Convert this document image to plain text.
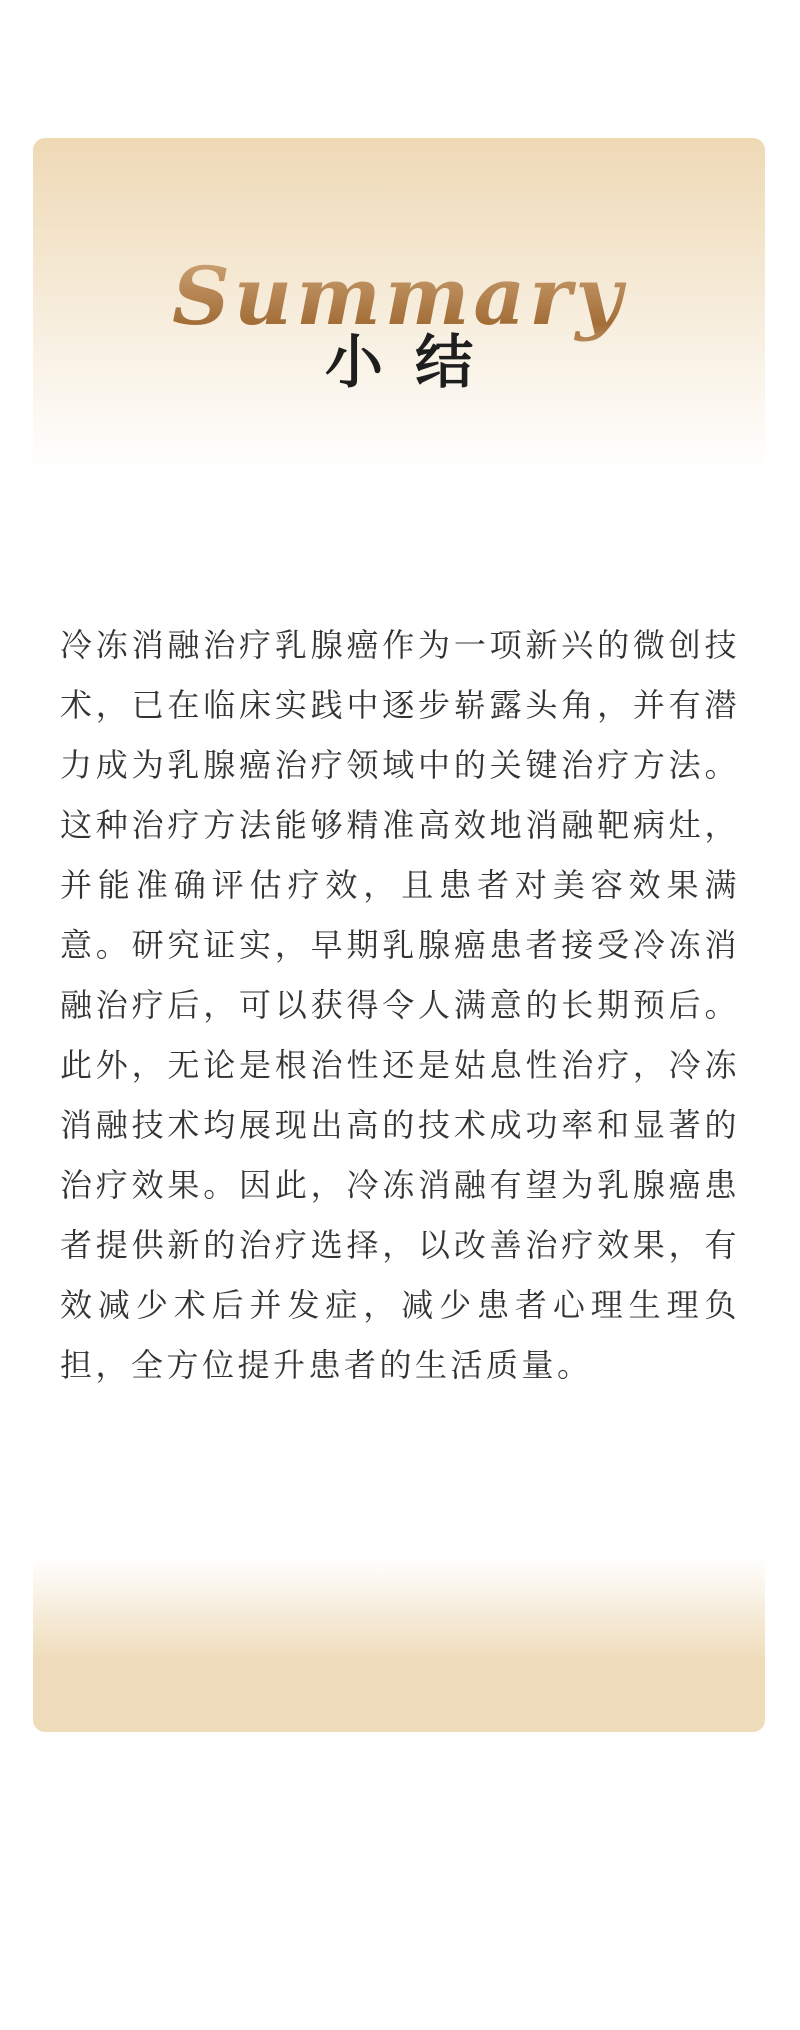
Summary
小 结

冷冻消融治疗乳腺癌作为一项新兴的微创技术，已在临床实践中逐步崭露头角，并有潜力成为乳腺癌治疗领域中的关键治疗方法。这种治疗方法能够精准高效地消融靶病灶，并能准确评估疗效，且患者对美容效果满意。研究证实，早期乳腺癌患者接受冷冻消融治疗后，可以获得令人满意的长期预后。此外，无论是根治性还是姑息性治疗，冷冻消融技术均展现出高的技术成功率和显著的治疗效果。因此，冷冻消融有望为乳腺癌患者提供新的治疗选择，以改善治疗效果，有效减少术后并发症，减少患者心理生理负担，全方位提升患者的生活质量。
